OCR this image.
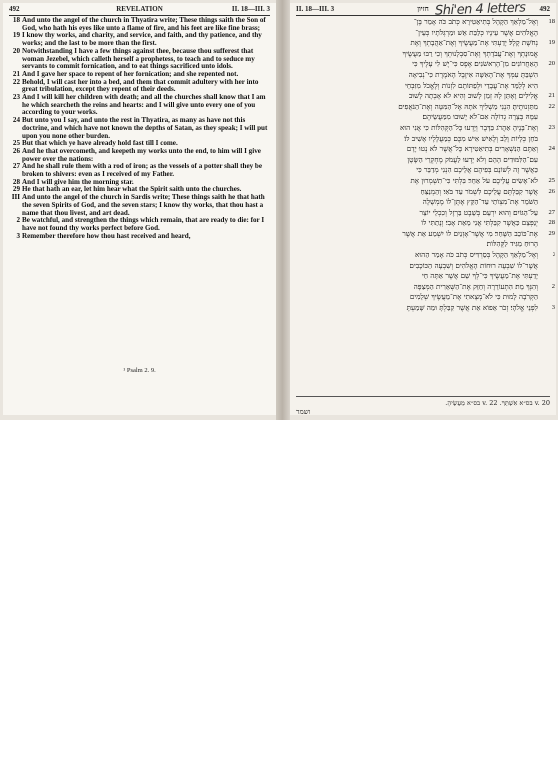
492	REVELATION	II. 18—III. 3

18 And unto the angel of the church in Thyatira write; These things saith the Son of God, who hath his eyes like unto a flame of fire, and his feet are like fine brass;

19 I know thy works, and charity, and service, and faith, and thy patience, and thy works; and the last to be more than the first.

20 Notwithstanding I have a few things against thee, because thou sufferest that woman Jezebel, which calleth herself a prophetess, to teach and to seduce my servants to commit fornication, and to eat things sacrificed unto idols.

21 And I gave her space to repent of her fornication; and she repented not.

22 Behold, I will cast her into a bed, and them that commit adultery with her into great tribulation, except they repent of their deeds.

23 And I will kill her children with death; and all the churches shall know that I am he which searcheth the reins and hearts: and I will give unto every one of you according to your works.

24 But unto you I say, and unto the rest in Thyatira, as many as have not this doctrine, and which have not known the depths of Satan, as they speak; I will put upon you none other burden.

25 But that which ye have already hold fast till I come.

26 And he that overcometh, and keepeth my works unto the end, to him will I give power over the nations:

27 And he shall rule them with a rod of iron; as the vessels of a potter shall they be broken to shivers: even as I received of my Father.

28 And I will give him the morning star.

29 He that hath an ear, let him hear what the Spirit saith unto the churches.

III And unto the angel of the church in Sardis write; These things saith he that hath the seven Spirits of God, and the seven stars; I know thy works, that thou hast a name that thou livest, and art dead.

2 Be watchful, and strengthen the things which remain, that are ready to die: for I have not found thy works perfect before God.

3 Remember therefore how thou hast received and heard,

¹ Psalm 2. 9.
II. 18—III. 3	חזיון	492

וְאֶל־מַלְאַךְ הַקָּהָל בְּתִיאַטִירָא כְּתֹב כֹּה אָמַר בֶּן־

הָאֱלֹהִים אֲשֶׁר עֵינָיו כְּלַבַּת אֵשׁ וּמַרְגְּלֹתָיו כְּעֵין־

נְחֹשֶׁת קָלָל׃ יָדַעְתִּי אֶת־מַעֲשֶׂיךָ וְאֶת־אַהֲבָתְךָ וְאֶת

אֱמוּנָתְךָ וְאֶת־עֲבֹדָתְךָ וְאֶת־סִבְלָנוּתְךָ וְכִי רַבּוּ מַעֲשֶׂיךָ

הָאַחֲרוֹנִים מִן־הָרִאשֹׁנִים׃ אֶפֶס כִּי־יֶשׁ לִי עָלֶיךָ כִּי

הִשְׁבַּתָּ עִמְּךָ אֶת־הָאִשָּׁה אִיזֶבֶל הָאֹמֶרֶת כִּי־נְבִיאָה

הִיא לְלַמֵּד אֶת־עֲבָדַי וּלְפַתּוֹתָם לִזְנוֹת וְלֶאֱכֹל מִזִּבְחֵי

אֱלִילִים׃ וָאֶתֵּן לָהּ זְמַן לָשׁוּב וְהִיא לֹא אָבְתָה לָשׁוּב

מִתַּזְנוּתֶיהָ׃ הִנְנִי מַשְׁלִיךְ אֹתָהּ אֶל־הַמִּטָּה וְאֶת־הַנֹּאֲפִים

עִמָּהּ בְּצָרָה גְדוֹלָה אִם־לֹא יָשׁוּבוּ מִמַּעֲשֵׂיהֶם׃

וְאֶת־בָּנֶיהָ אַהֲרֹג בַּדָּבֶר וְיָדְעוּ כָּל־הַקְּהִלּוֹת כִּי אֲנִי הוּא

בֹּחֵן כְּלָיוֹת וָלֵב וְלָאִישׁ אִישׁ מִכֶּם כְּמַעֲלָלָיו אָשִׁיב לוֹ׃

וְאַתֶּם הַנִּשְׁאָרִים בְּתִיאַטִירָא כָּל־אֲשֶׁר לֹא נְטוּ יָדָם

עִם־הַלִּמּוּדִים הָהֵם וְלֹא יָדְעוּ לַעֲמֹק מֶחְקְרֵי הַשָּׂטָן

כַּאֲשֶׁר זֶה לְשׁוֹנָם בְּפִיהֶם אֲלֵיכֶם הִנְנִי מְדַבֵּר כִּי

לֹא־אָשִׂים עֲלֵיכֶם עֹל אַחֵר׃ בִּלְתִּי כִּי־תִשְׁמְרוּן אֶת

אֲשֶׁר קִבַּלְתֶּם עֲלֵיכֶם לִשְׁמֹר עַד בֹּאִי׃ וְהַמְנַצֵּחַ

הַשֹּׁמֵר אֶת־מִצְוֺתַי עַד־הַקֵּץ אֶתֶּן־לוֹ מֶמְשָׁלָה

עַל־הַגּוֹיִם׃ וְהוּא יִרְעֵם בְּשֵׁבֶט בַּרְזֶל וְכִכְלֵי יוֹצֵר

יְנַפְּצֵם כַּאֲשֶׁר קִבַּלְתִּי אֲנִי מֵאֵת אָבִי׃ וְנָתַתִּי לוֹ

אֶת־כּוֹכַב הַשָּׁחַר׃ מִי אֲשֶׁר־אָזְנַיִם לוֹ יִשְׁמַע אֵת אֲשֶׁר

הָרוּחַ מַגִּיד לַקְּהִלּוֹת׃

וְאֶל־מַלְאַךְ הַקָּהָל בְּסַרְדִּיס כְּתֹב כֹּה אָמַר הַהוּא

אֲשֶׁר־לוֹ שִׁבְעָה רוּחוֹת הָאֱלֹהִים וְשִׁבְעָה הַכּוֹכָבִים

יָדַעְתִּי אֶת־מַעֲשֶׂיךָ כִּי־לְךָ שֵׁם אֲשֶׁר אַתָּה חַי

וְהִנְּךָ מֵת׃ הִתְעוֹרֵרָה וְחַזֵּק אֶת־הַשְּׁאֵרִית הַמְּצַפָּה

הַקְּרֹבָה לָמוּת כִּי לֹא־מְצָאתִי אֶת־מַעֲשֶׂיךָ שְׁלֵמִים

לִפְנֵי אֱלֹהָי׃ זְכֹר אֵפוֹא אֵת אֲשֶׁר קִבַּלְתָּ וּמַה שָּׁמַעְתָּ

v. 20 בס״א אִשְׁתְּךָ. v. 22 בס״א מַעֲשֶׂיהָ.
ושמר
18
19
20
21
22
23
24
25
26
27
28
29
ג
2
3
Shi'en 4 letters
